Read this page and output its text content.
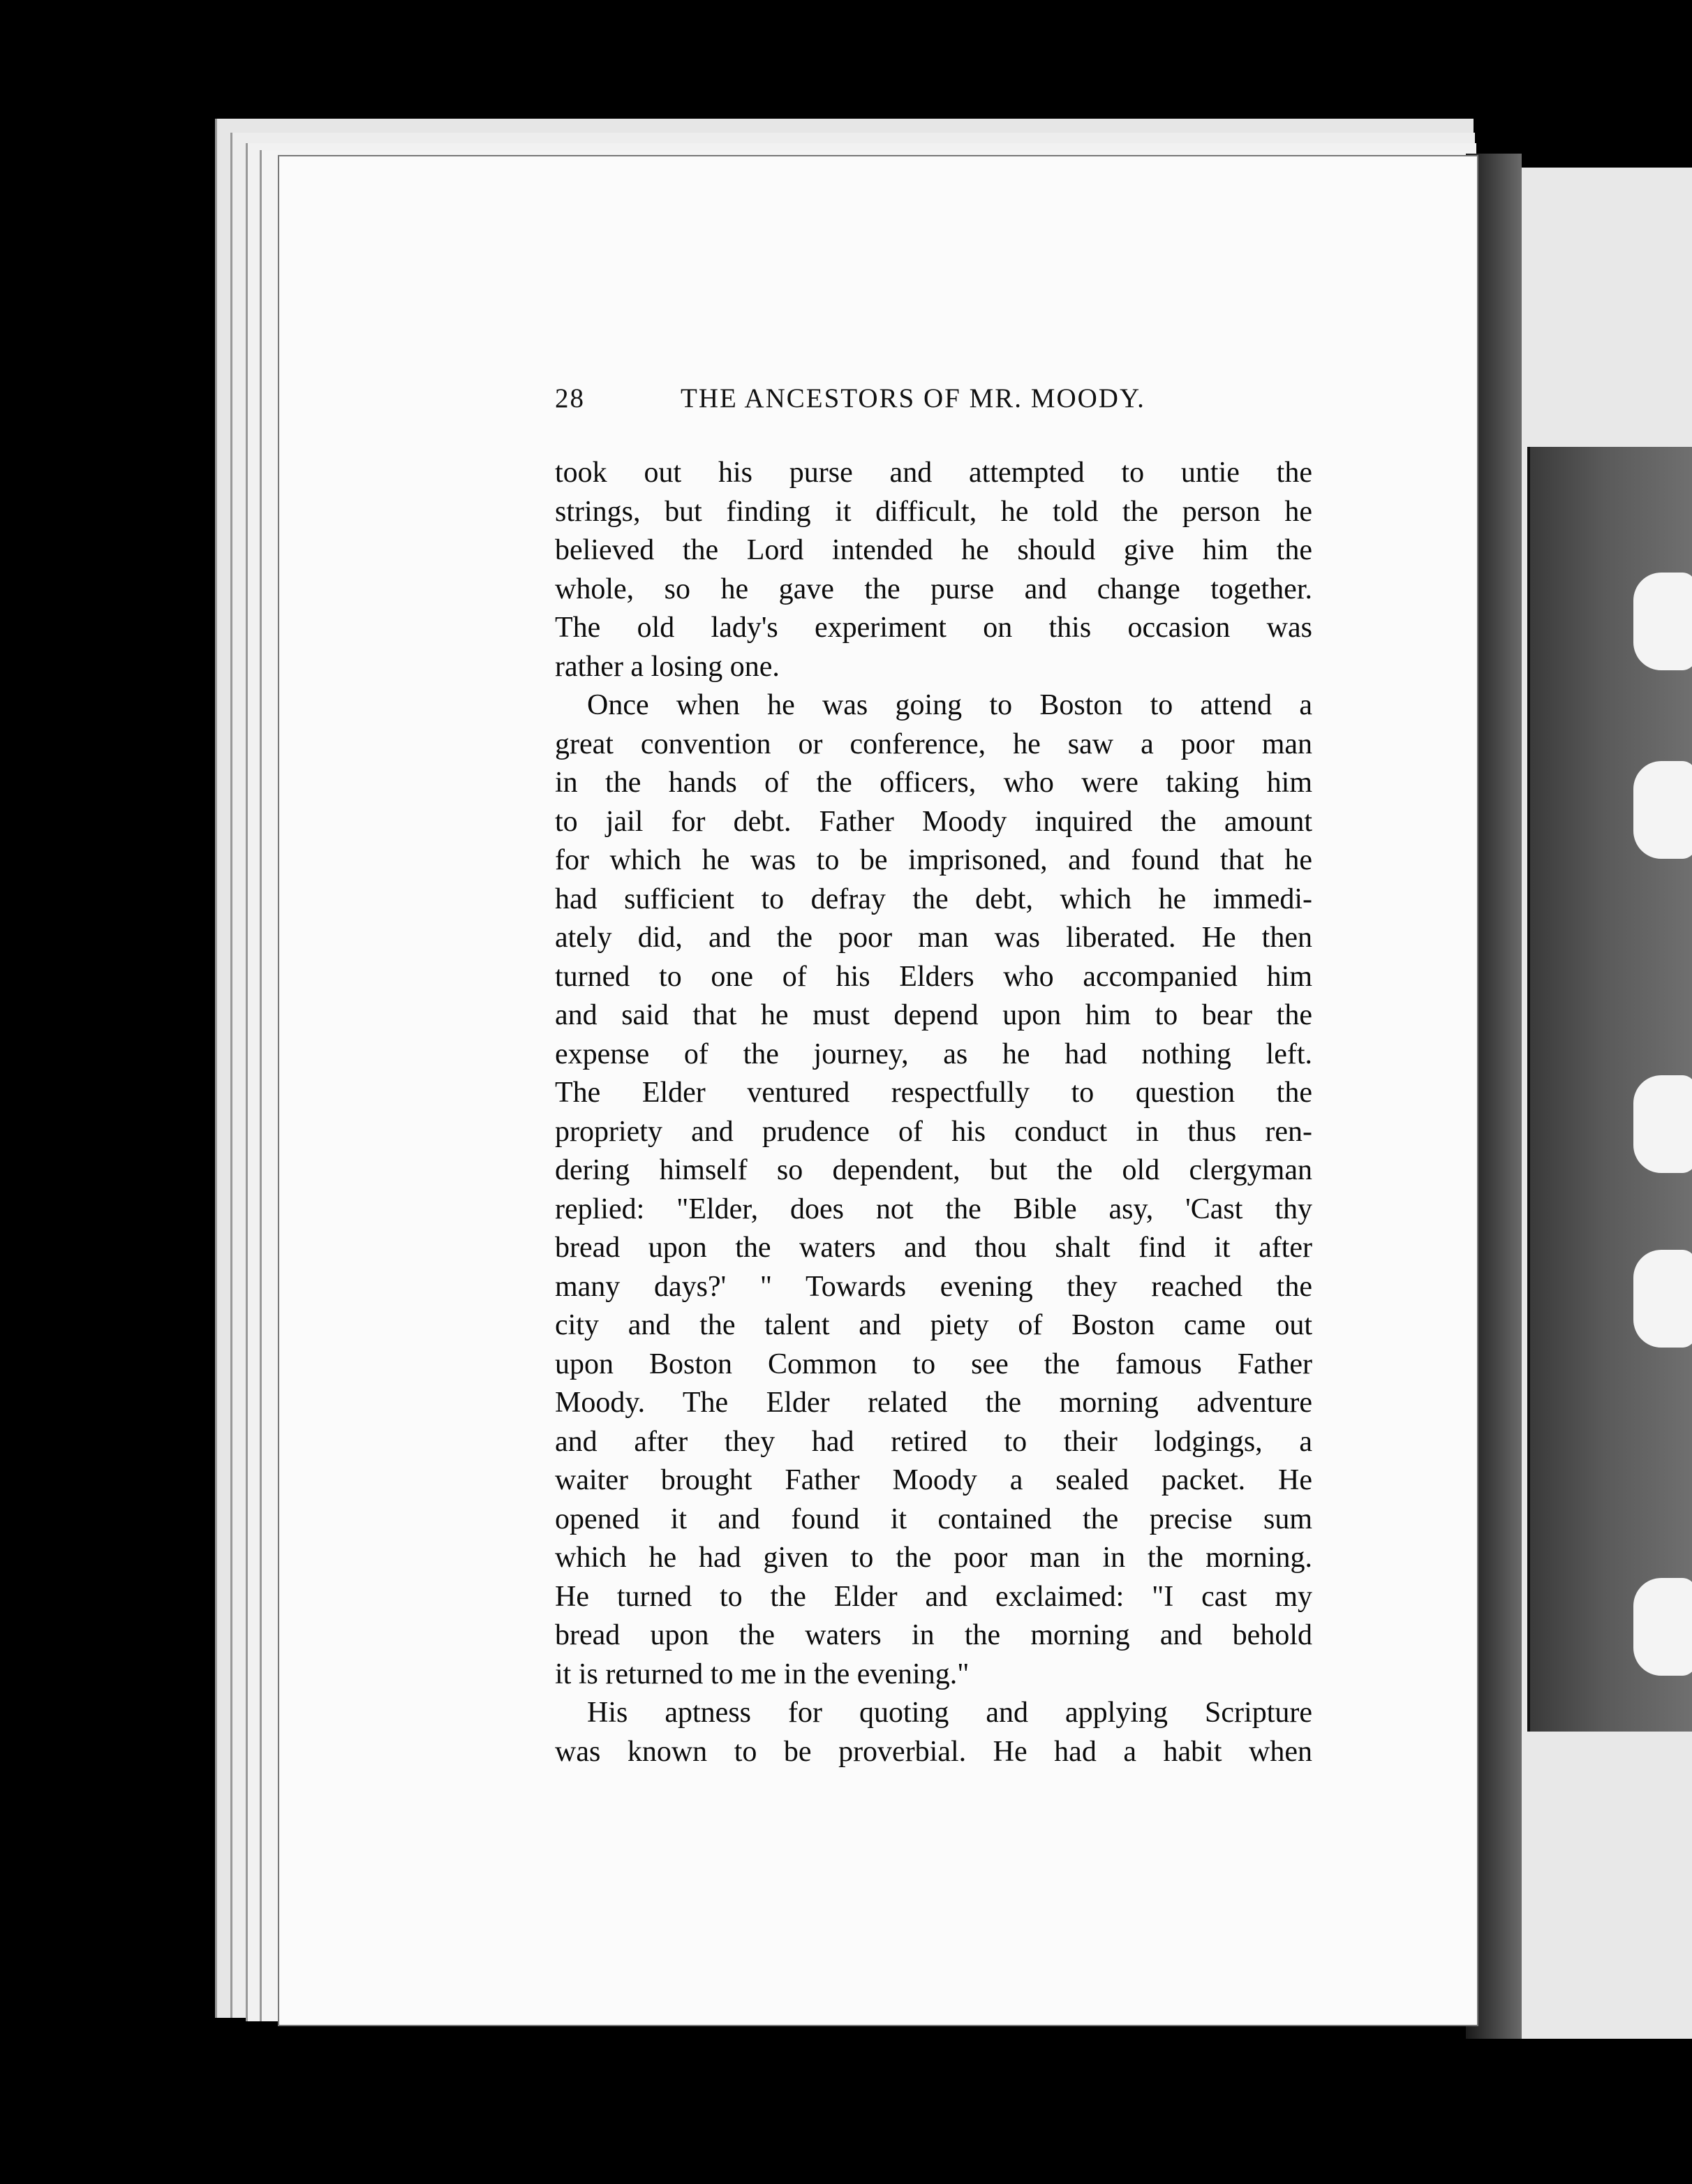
28	THE ANCESTORS OF MR. MOODY.
took out his purse and attempted to untie the
strings, but finding it difficult, he told the person he
believed the Lord intended he should give him the
whole, so he gave the purse and change together.
The old lady's experiment on this occasion was
rather a losing one.
Once when he was going to Boston to attend a
great convention or conference, he saw a poor man
in the hands of the officers, who were taking him
to jail for debt. Father Moody inquired the amount
for which he was to be imprisoned, and found that he
had sufficient to defray the debt, which he immedi-
ately did, and the poor man was liberated. He then
turned to one of his Elders who accompanied him
and said that he must depend upon him to bear the
expense of the journey, as he had nothing left.
The Elder ventured respectfully to question the
propriety and prudence of his conduct in thus ren-
dering himself so dependent, but the old clergyman
replied: "Elder, does not the Bible asy, 'Cast thy
bread upon the waters and thou shalt find it after
many days?' " Towards evening they reached the
city and the talent and piety of Boston came out
upon Boston Common to see the famous Father
Moody. The Elder related the morning adventure
and after they had retired to their lodgings, a
waiter brought Father Moody a sealed packet. He
opened it and found it contained the precise sum
which he had given to the poor man in the morning.
He turned to the Elder and exclaimed: "I cast my
bread upon the waters in the morning and behold
it is returned to me in the evening."
His aptness for quoting and applying Scripture
was known to be proverbial. He had a habit when
